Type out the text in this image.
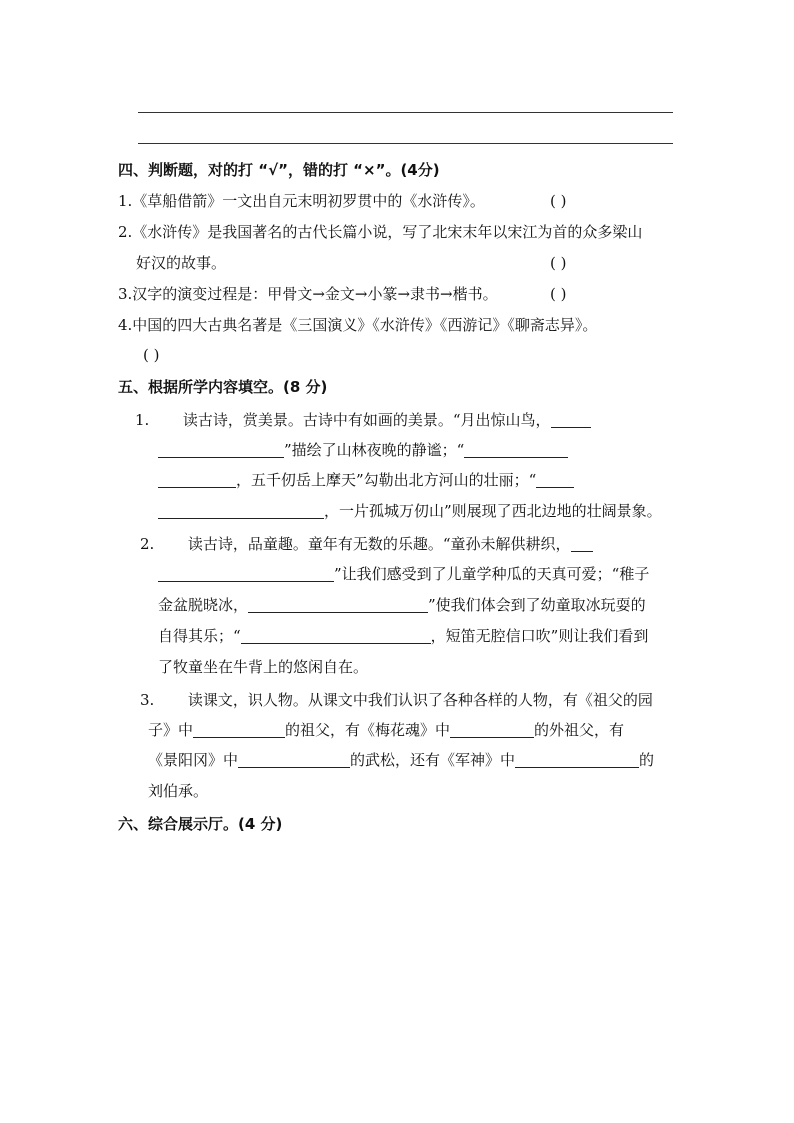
四、判断题，对的打 “√”，错的打 “×”。(4分)
1.《草船借箭》一文出自元末明初罗贯中的《水浒传》。	( )
2.《水浒传》是我国著名的古代长篇小说，写了北宋末年以宋江为首的众多梁山
好汉的故事。	( )
3.汉字的演变过程是：甲骨文→金文→小篆→隶书→楷书。	( )
4.中国的四大古典名著是《三国演义》《水浒传》《西游记》《聊斋志异》。
( )
五、根据所学内容填空。(8 分)
1. 读古诗，赏美景。古诗中有如画的美景。“月出惊山鸟，
”描绘了山林夜晚的静谧；“
，五千仞岳上摩天”勾勒出北方河山的壮丽；“
，一片孤城万仞山”则展现了西北边地的壮阔景象。
2. 读古诗，品童趣。童年有无数的乐趣。“童孙未解供耕织，
”让我们感受到了儿童学种瓜的天真可爱；“稚子
金盆脱晓冰，	”使我们体会到了幼童取冰玩耍的
自得其乐；“	，短笛无腔信口吹”则让我们看到
了牧童坐在牛背上的悠闲自在。
3. 读课文，识人物。从课文中我们认识了各种各样的人物，有《祖父的园
子》中	的祖父，有《梅花魂》中	的外祖父，有
《景阳冈》中	的武松，还有《军神》中	的
刘伯承。
六、综合展示厅。(4 分)
